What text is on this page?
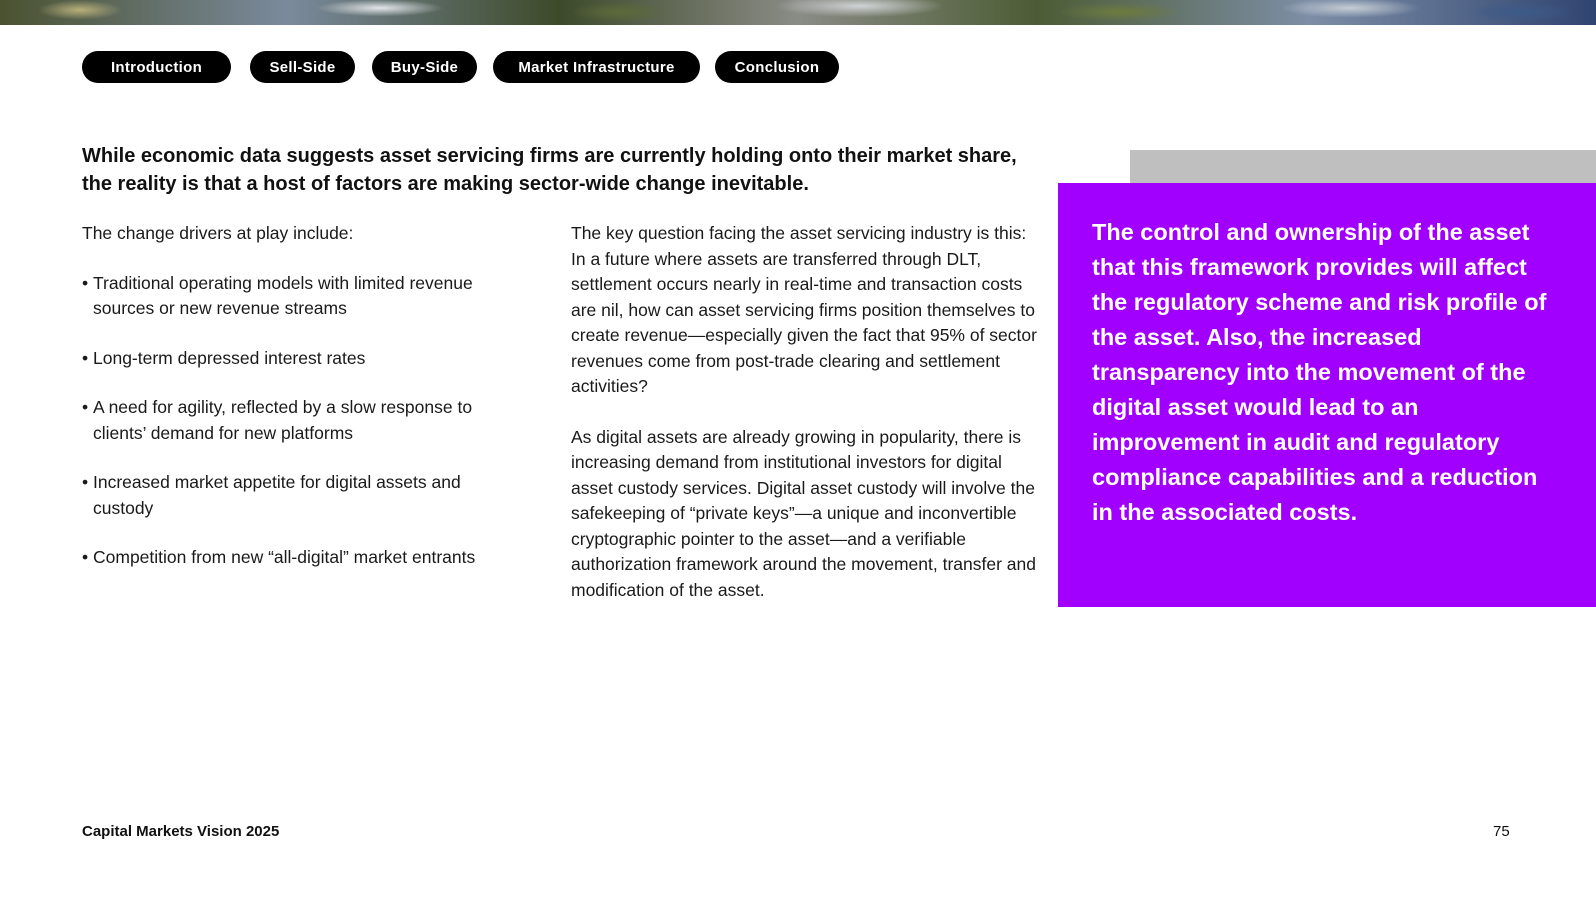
Introduction	Sell-Side	Buy-Side	Market Infrastructure	Conclusion
While economic data suggests asset servicing firms are currently holding onto their market share, the reality is that a host of factors are making sector-wide change inevitable.

The change drivers at play include:

• Traditional operating models with limited revenue sources or new revenue streams
• Long-term depressed interest rates
• A need for agility, reflected by a slow response to clients’ demand for new platforms
• Increased market appetite for digital assets and custody
• Competition from new “all-digital” market entrants

The key question facing the asset servicing industry is this: In a future where assets are transferred through DLT, settlement occurs nearly in real-time and transaction costs are nil, how can asset servicing firms position themselves to create revenue—especially given the fact that 95% of sector revenues come from post-trade clearing and settlement activities?

As digital assets are already growing in popularity, there is increasing demand from institutional investors for digital asset custody services. Digital asset custody will involve the safekeeping of “private keys”—a unique and inconvertible cryptographic pointer to the asset—and a verifiable authorization framework around the movement, transfer and modification of the asset.

The control and ownership of the asset that this framework provides will affect the regulatory scheme and risk profile of the asset. Also, the increased transparency into the movement of the digital asset would lead to an improvement in audit and regulatory compliance capabilities and a reduction in the associated costs.
Capital Markets Vision 2025	75
